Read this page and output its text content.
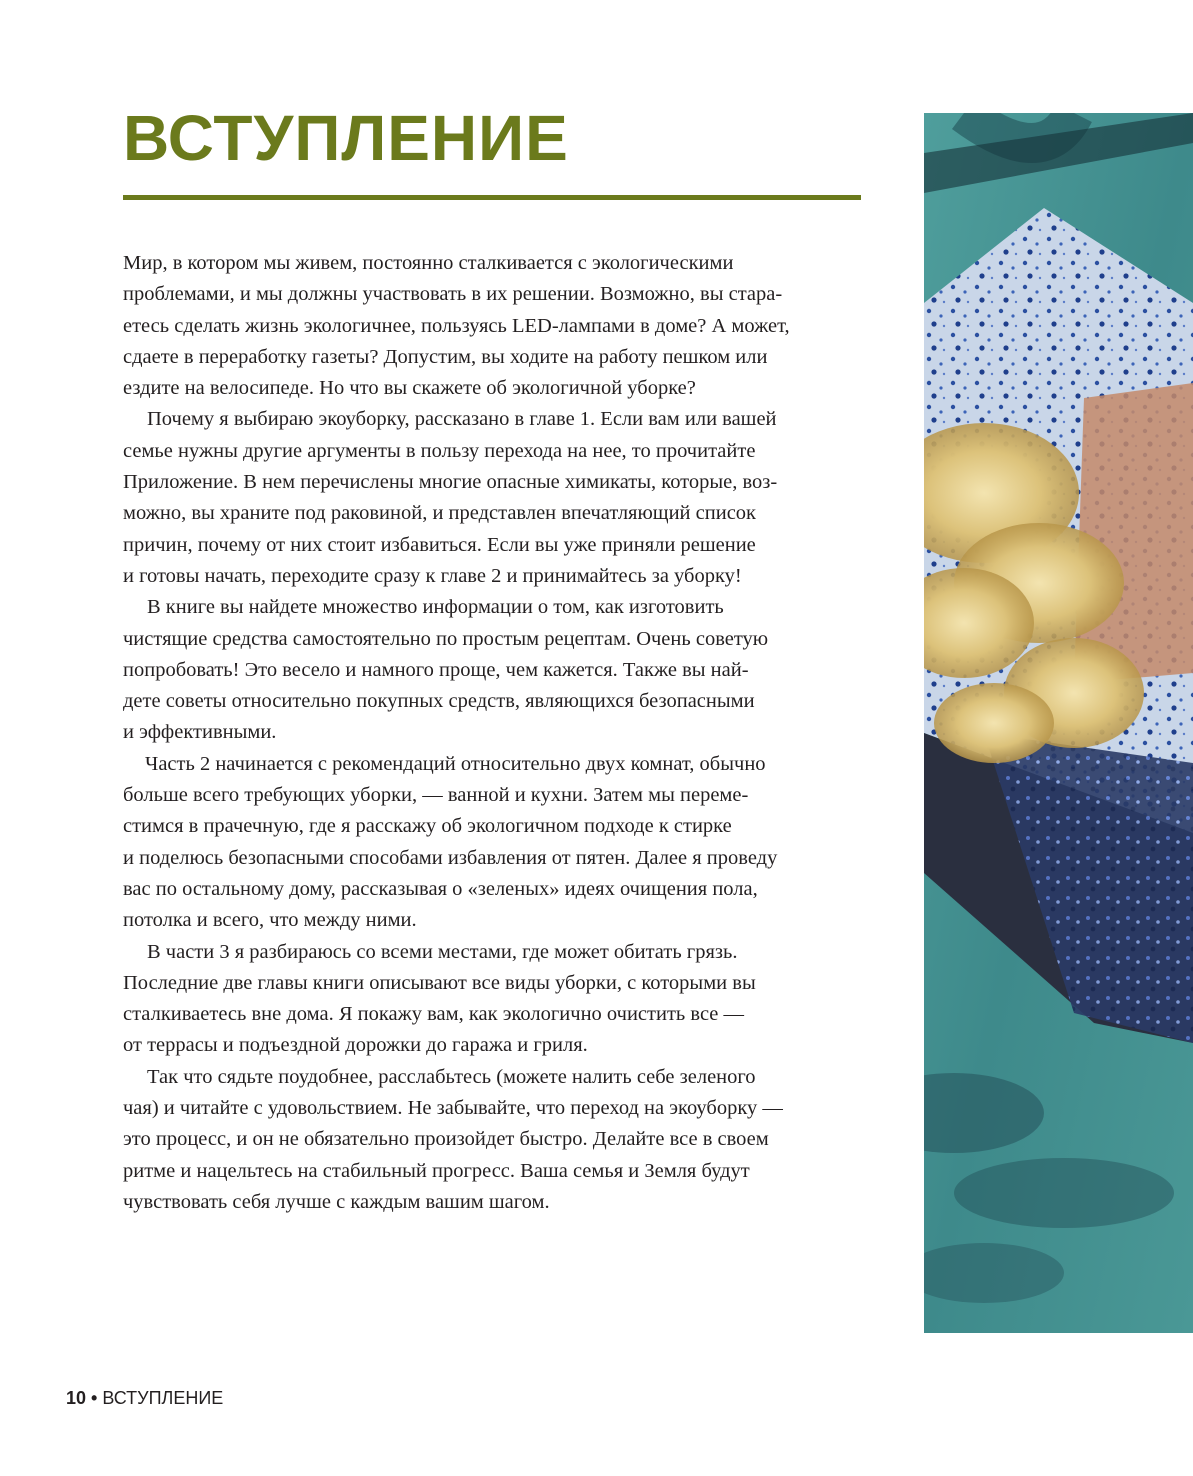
ВСТУПЛЕНИЕ
Мир, в котором мы живем, постоянно сталкивается с экологическими
проблемами, и мы должны участвовать в их решении. Возможно, вы стара-
етесь сделать жизнь экологичнее, пользуясь LED-лампами в доме? А может,
сдаете в переработку газеты? Допустим, вы ходите на работу пешком или
ездите на велосипеде. Но что вы скажете об экологичной уборке?
Почему я выбираю экоуборку, рассказано в главе 1. Если вам или вашей
семье нужны другие аргументы в пользу перехода на нее, то прочитайте
Приложение. В нем перечислены многие опасные химикаты, которые, воз-
можно, вы храните под раковиной, и представлен впечатляющий список
причин, почему от них стоит избавиться. Если вы уже приняли решение
и готовы начать, переходите сразу к главе 2 и принимайтесь за уборку!
В книге вы найдете множество информации о том, как изготовить
чистящие средства самостоятельно по простым рецептам. Очень советую
попробовать! Это весело и намного проще, чем кажется. Также вы най-
дете советы относительно покупных средств, являющихся безопасными
и эффективными.
Часть 2 начинается с рекомендаций относительно двух комнат, обычно
больше всего требующих уборки, — ванной и кухни. Затем мы переме-
стимся в прачечную, где я расскажу об экологичном подходе к стирке
и поделюсь безопасными способами избавления от пятен. Далее я проведу
вас по остальному дому, рассказывая о «зеленых» идеях очищения пола,
потолка и всего, что между ними.
В части 3 я разбираюсь со всеми местами, где может обитать грязь.
Последние две главы книги описывают все виды уборки, с которыми вы
сталкиваетесь вне дома. Я покажу вам, как экологично очистить все —
от террасы и подъездной дорожки до гаража и гриля.
Так что сядьте поудобнее, расслабьтесь (можете налить себе зеленого
чая) и читайте с удовольствием. Не забывайте, что переход на экоуборку —
это процесс, и он не обязательно произойдет быстро. Делайте все в своем
ритме и нацельтесь на стабильный прогресс. Ваша семья и Земля будут
чувствовать себя лучше с каждым вашим шагом.
10 • ВСТУПЛЕНИЕ
